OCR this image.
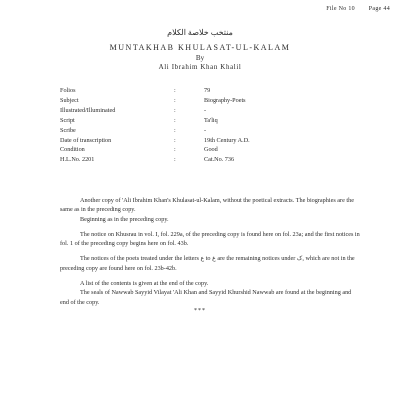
File No 10 Page 44
منتخب خلاصة الكلام
MUNTAKHAB KHULASAT-UL-KALAM
By
Ali Ibrahim Khan Khalil
Folios	:	79
Subject	:	Biography-Poets
Illustrated/Illuminated	:	-
Script	:	Ta'liq
Scribe	:	-
Date of transcription	:	19th Century A.D.
Condition	:	Good
H.L.No. 2201	:	Cat.No. 736

Another copy of 'Ali Ibrahim Khan's Khulasat-ul-Kalam, without the poetical extracts. The biographies are the same as in the preceding copy.

Beginning as in the preceding copy.

The notice on Khusrau in vol. I, fol. 229a, of the preceding copy is found here on fol. 23a; and the first notices in fol. 1 of the preceding copy begins here on fol. 43b.

The notices of the poets treated under the letters ع to غ are the remaining notices under ک, which are not in the preceding copy are found here on fol. 23b-42b.

A list of the contents is given at the end of the copy.

The seals of Nawwab Sayyid Vilayat 'Ali Khan and Sayyid Khurshid Nawwab are found at the beginning and end of the copy.

***
